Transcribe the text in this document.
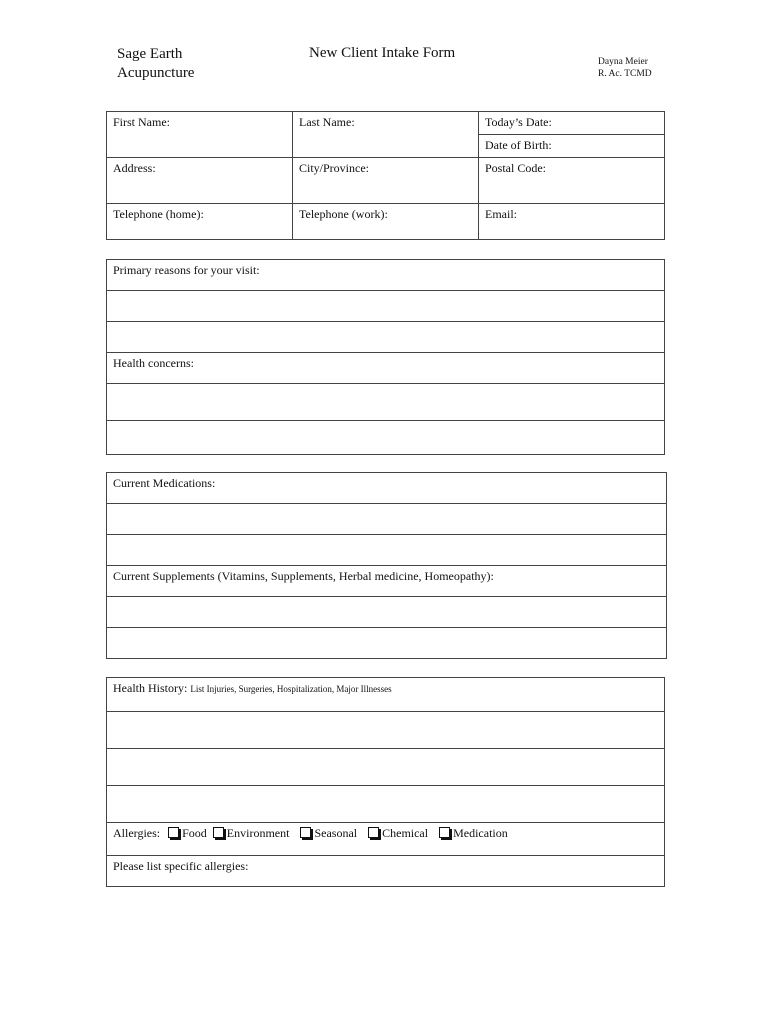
Sage Earth
Acupuncture
New Client Intake Form
Dayna Meier
R. Ac. TCMD
First Name:	Last Name:	Today’s Date:
		Date of Birth:
Address:	City/Province:	Postal Code:
Telephone (home):	Telephone (work):	Email:
Primary reasons for your visit:

Health concerns:

Current Medications:

Current Supplements (Vitamins, Supplements, Herbal medicine, Homeopathy):

Health History: List Injuries, Surgeries, Hospitalization, Major Illnesses

Allergies: Food Environment Seasonal Chemical Medication
Please list specific allergies:
